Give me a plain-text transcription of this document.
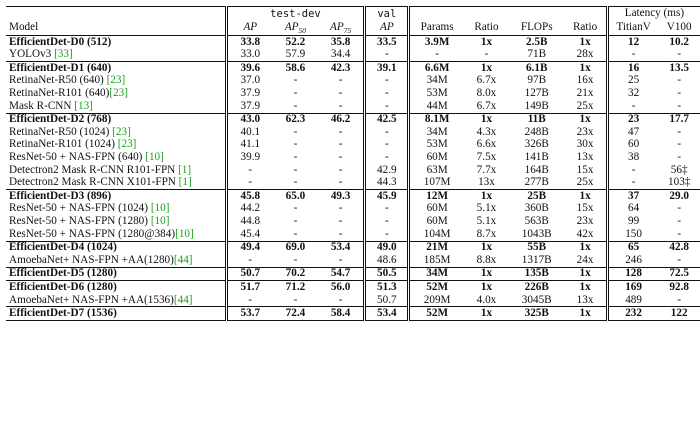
	test-dev			val					Latency (ms)	
Model	AP	$AP_{50}$	$AP_{75}$	AP	Params	Ratio	FLOPs	Ratio	TitianV	V100
EfficientDet-D0 (512)	33.8	52.2	35.8	33.5	3.9M	1x	2.5B	1x	12	10.2
YOLOv3 [33]	33.0	57.9	34.4	-	-	-	71B	28x	-	-
EfficientDet-D1 (640)	39.6	58.6	42.3	39.1	6.6M	1x	6.1B	1x	16	13.5
RetinaNet-R50 (640) [23]	37.0	-	-	-	34M	6.7x	97B	16x	25	-
RetinaNet-R101 (640)[23]	37.9	-	-	-	53M	8.0x	127B	21x	32	-
Mask R-CNN [13]	37.9	-	-	-	44M	6.7x	149B	25x	-	-
EfficientDet-D2 (768)	43.0	62.3	46.2	42.5	8.1M	1x	11B	1x	23	17.7
RetinaNet-R50 (1024) [23]	40.1	-	-	-	34M	4.3x	248B	23x	47	-
RetinaNet-R101 (1024) [23]	41.1	-	-	-	53M	6.6x	326B	30x	60	-
ResNet-50 + NAS-FPN (640) [10]	39.9	-	-	-	60M	7.5x	141B	13x	38	-
Detectron2 Mask R-CNN R101-FPN [1]	-	-	-	42.9	63M	7.7x	164B	15x	-	56‡
Detectron2 Mask R-CNN X101-FPN [1]	-	-	-	44.3	107M	13x	277B	25x	-	103‡
EfficientDet-D3 (896)	45.8	65.0	49.3	45.9	12M	1x	25B	1x	37	29.0
ResNet-50 + NAS-FPN (1024) [10]	44.2	-	-	-	60M	5.1x	360B	15x	64	-
ResNet-50 + NAS-FPN (1280) [10]	44.8	-	-	-	60M	5.1x	563B	23x	99	-
ResNet-50 + NAS-FPN (1280@384)[10]	45.4	-	-	-	104M	8.7x	1043B	42x	150	-
EfficientDet-D4 (1024)	49.4	69.0	53.4	49.0	21M	1x	55B	1x	65	42.8
AmoebaNet+ NAS-FPN +AA(1280)[44]	-	-	-	48.6	185M	8.8x	1317B	24x	246	-
EfficientDet-D5 (1280)	50.7	70.2	54.7	50.5	34M	1x	135B	1x	128	72.5
EfficientDet-D6 (1280)	51.7	71.2	56.0	51.3	52M	1x	226B	1x	169	92.8
AmoebaNet+ NAS-FPN +AA(1536)[44]	-	-	-	50.7	209M	4.0x	3045B	13x	489	-
EfficientDet-D7 (1536)	53.7	72.4	58.4	53.4	52M	1x	325B	1x	232	122
